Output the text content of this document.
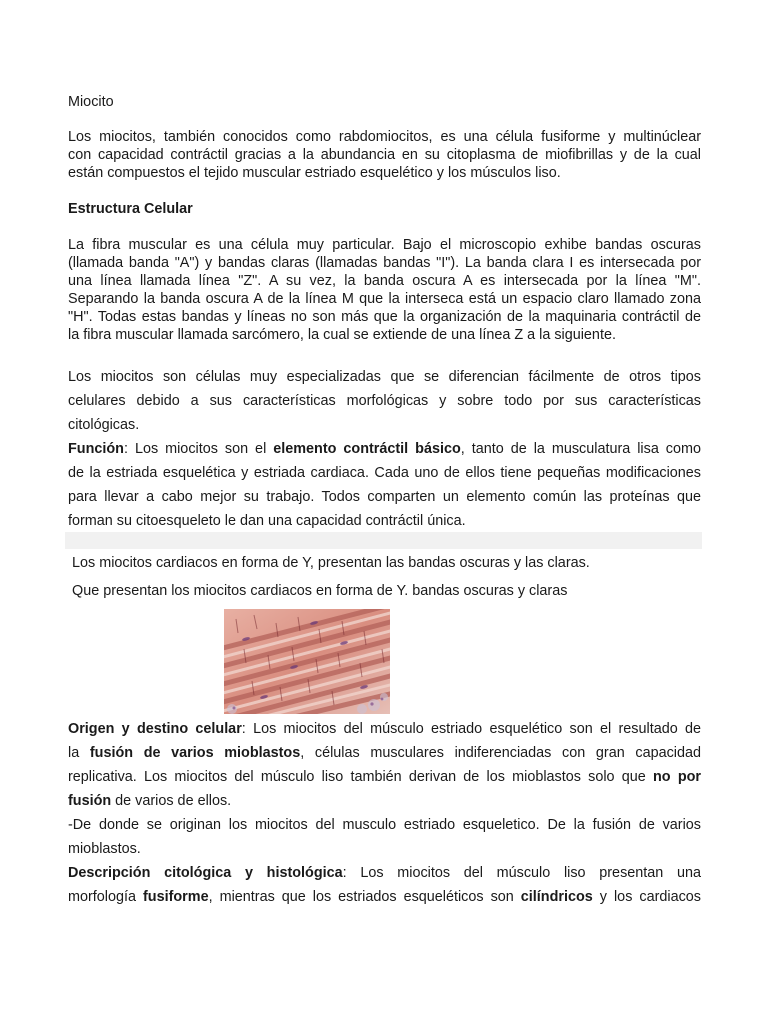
Miocito
Los miocitos, también conocidos como rabdomiocitos, es una célula fusiforme y multinúclear
con capacidad contráctil gracias a la abundancia en su citoplasma de miofibrillas y de la cual
están compuestos el tejido muscular estriado esquelético y los músculos liso.
Estructura Celular
La fibra muscular es una célula muy particular. Bajo el microscopio exhibe bandas oscuras
(llamada banda "A") y bandas claras (llamadas bandas "I"). La banda clara I es intersecada por
una línea llamada línea "Z". A su vez, la banda oscura A es intersecada por la línea "M".
Separando la banda oscura A de la línea M que la interseca está un espacio claro llamado zona
"H". Todas estas bandas y líneas no son más que la organización de la maquinaria contráctil de
la fibra muscular llamada sarcómero, la cual se extiende de una línea Z a la siguiente.
Los miocitos son células muy especializadas que se diferencian fácilmente de otros tipos
celulares debido a sus características morfológicas y sobre todo por sus características
citológicas.
Función: Los miocitos son el elemento contráctil básico, tanto de la musculatura lisa como
de la estriada esquelética y estriada cardiaca. Cada uno de ellos tiene pequeñas modificaciones
para llevar a cabo mejor su trabajo. Todos comparten un elemento común las proteínas que
forman su citoesqueleto le dan una capacidad contráctil única.
Los miocitos cardiacos en forma de Y, presentan las bandas oscuras y las claras.
Que presentan los miocitos cardiacos en forma de Y. bandas oscuras y claras
Origen y destino celular: Los miocitos del músculo estriado esquelético son el resultado de
la fusión de varios mioblastos, células musculares indiferenciadas con gran capacidad
replicativa. Los miocitos del músculo liso también derivan de los mioblastos solo que no por
fusión de varios de ellos.
-De donde se originan los miocitos del musculo estriado esqueletico. De la fusión de varios
mioblastos.
Descripción citológica y histológica: Los miocitos del músculo liso presentan una
morfología fusiforme, mientras que los estriados esqueléticos son cilíndricos y los cardiacos
